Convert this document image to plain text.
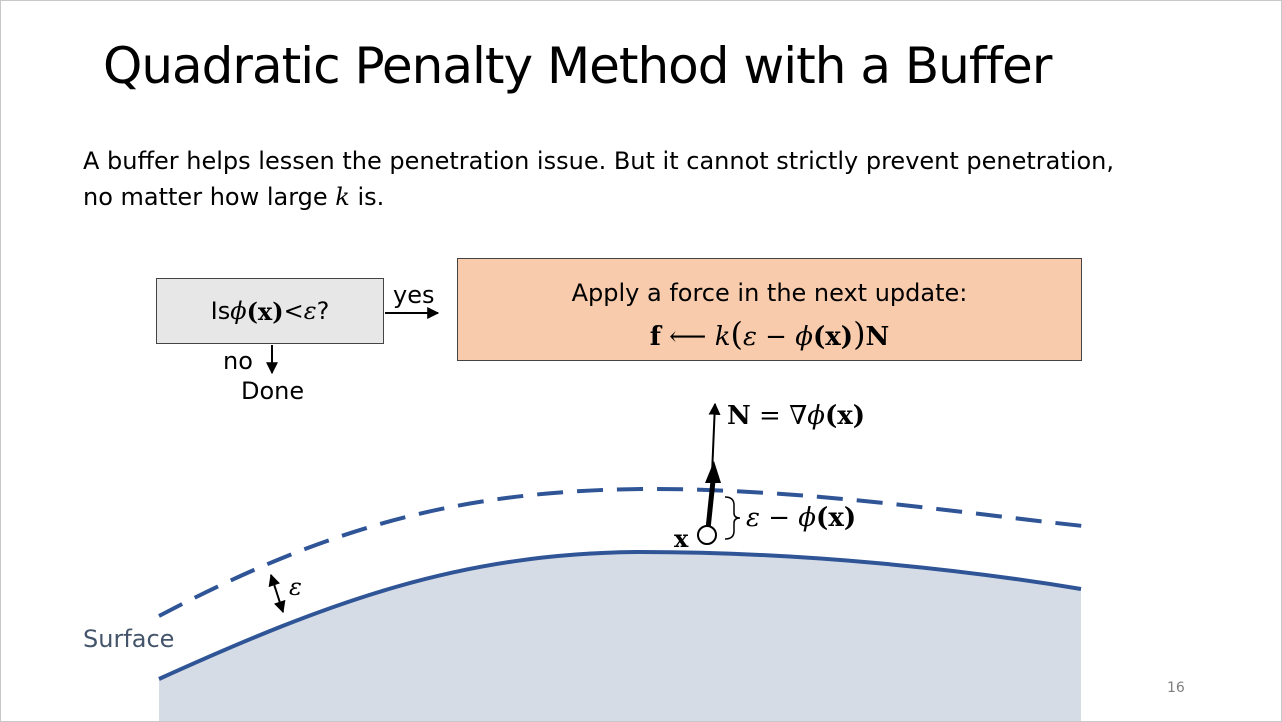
Quadratic Penalty Method with a Buffer
A buffer helps lessen the penetration issue. But it cannot strictly prevent penetration,
no matter how large k is.
Is ϕ (x) < ε ?
yes
no
Done
Apply a force in the next update:
f ⟵ k(ε − ϕ(x))N
N = ∇ϕ(x)
ε − ϕ(x)
x
ε
Surface
16
